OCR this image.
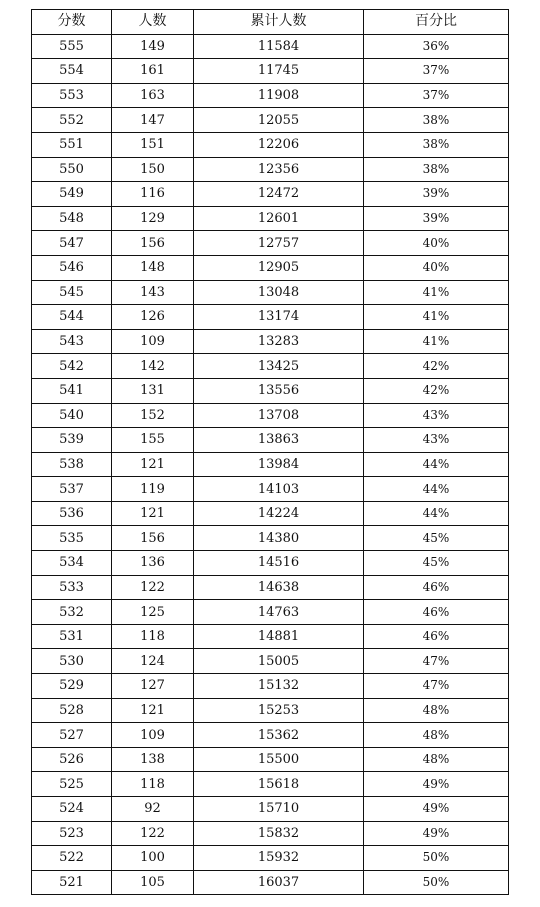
分数	人数	累计人数	百分比
555	149	11584	36%
554	161	11745	37%
553	163	11908	37%
552	147	12055	38%
551	151	12206	38%
550	150	12356	38%
549	116	12472	39%
548	129	12601	39%
547	156	12757	40%
546	148	12905	40%
545	143	13048	41%
544	126	13174	41%
543	109	13283	41%
542	142	13425	42%
541	131	13556	42%
540	152	13708	43%
539	155	13863	43%
538	121	13984	44%
537	119	14103	44%
536	121	14224	44%
535	156	14380	45%
534	136	14516	45%
533	122	14638	46%
532	125	14763	46%
531	118	14881	46%
530	124	15005	47%
529	127	15132	47%
528	121	15253	48%
527	109	15362	48%
526	138	15500	48%
525	118	15618	49%
524	92	15710	49%
523	122	15832	49%
522	100	15932	50%
521	105	16037	50%
